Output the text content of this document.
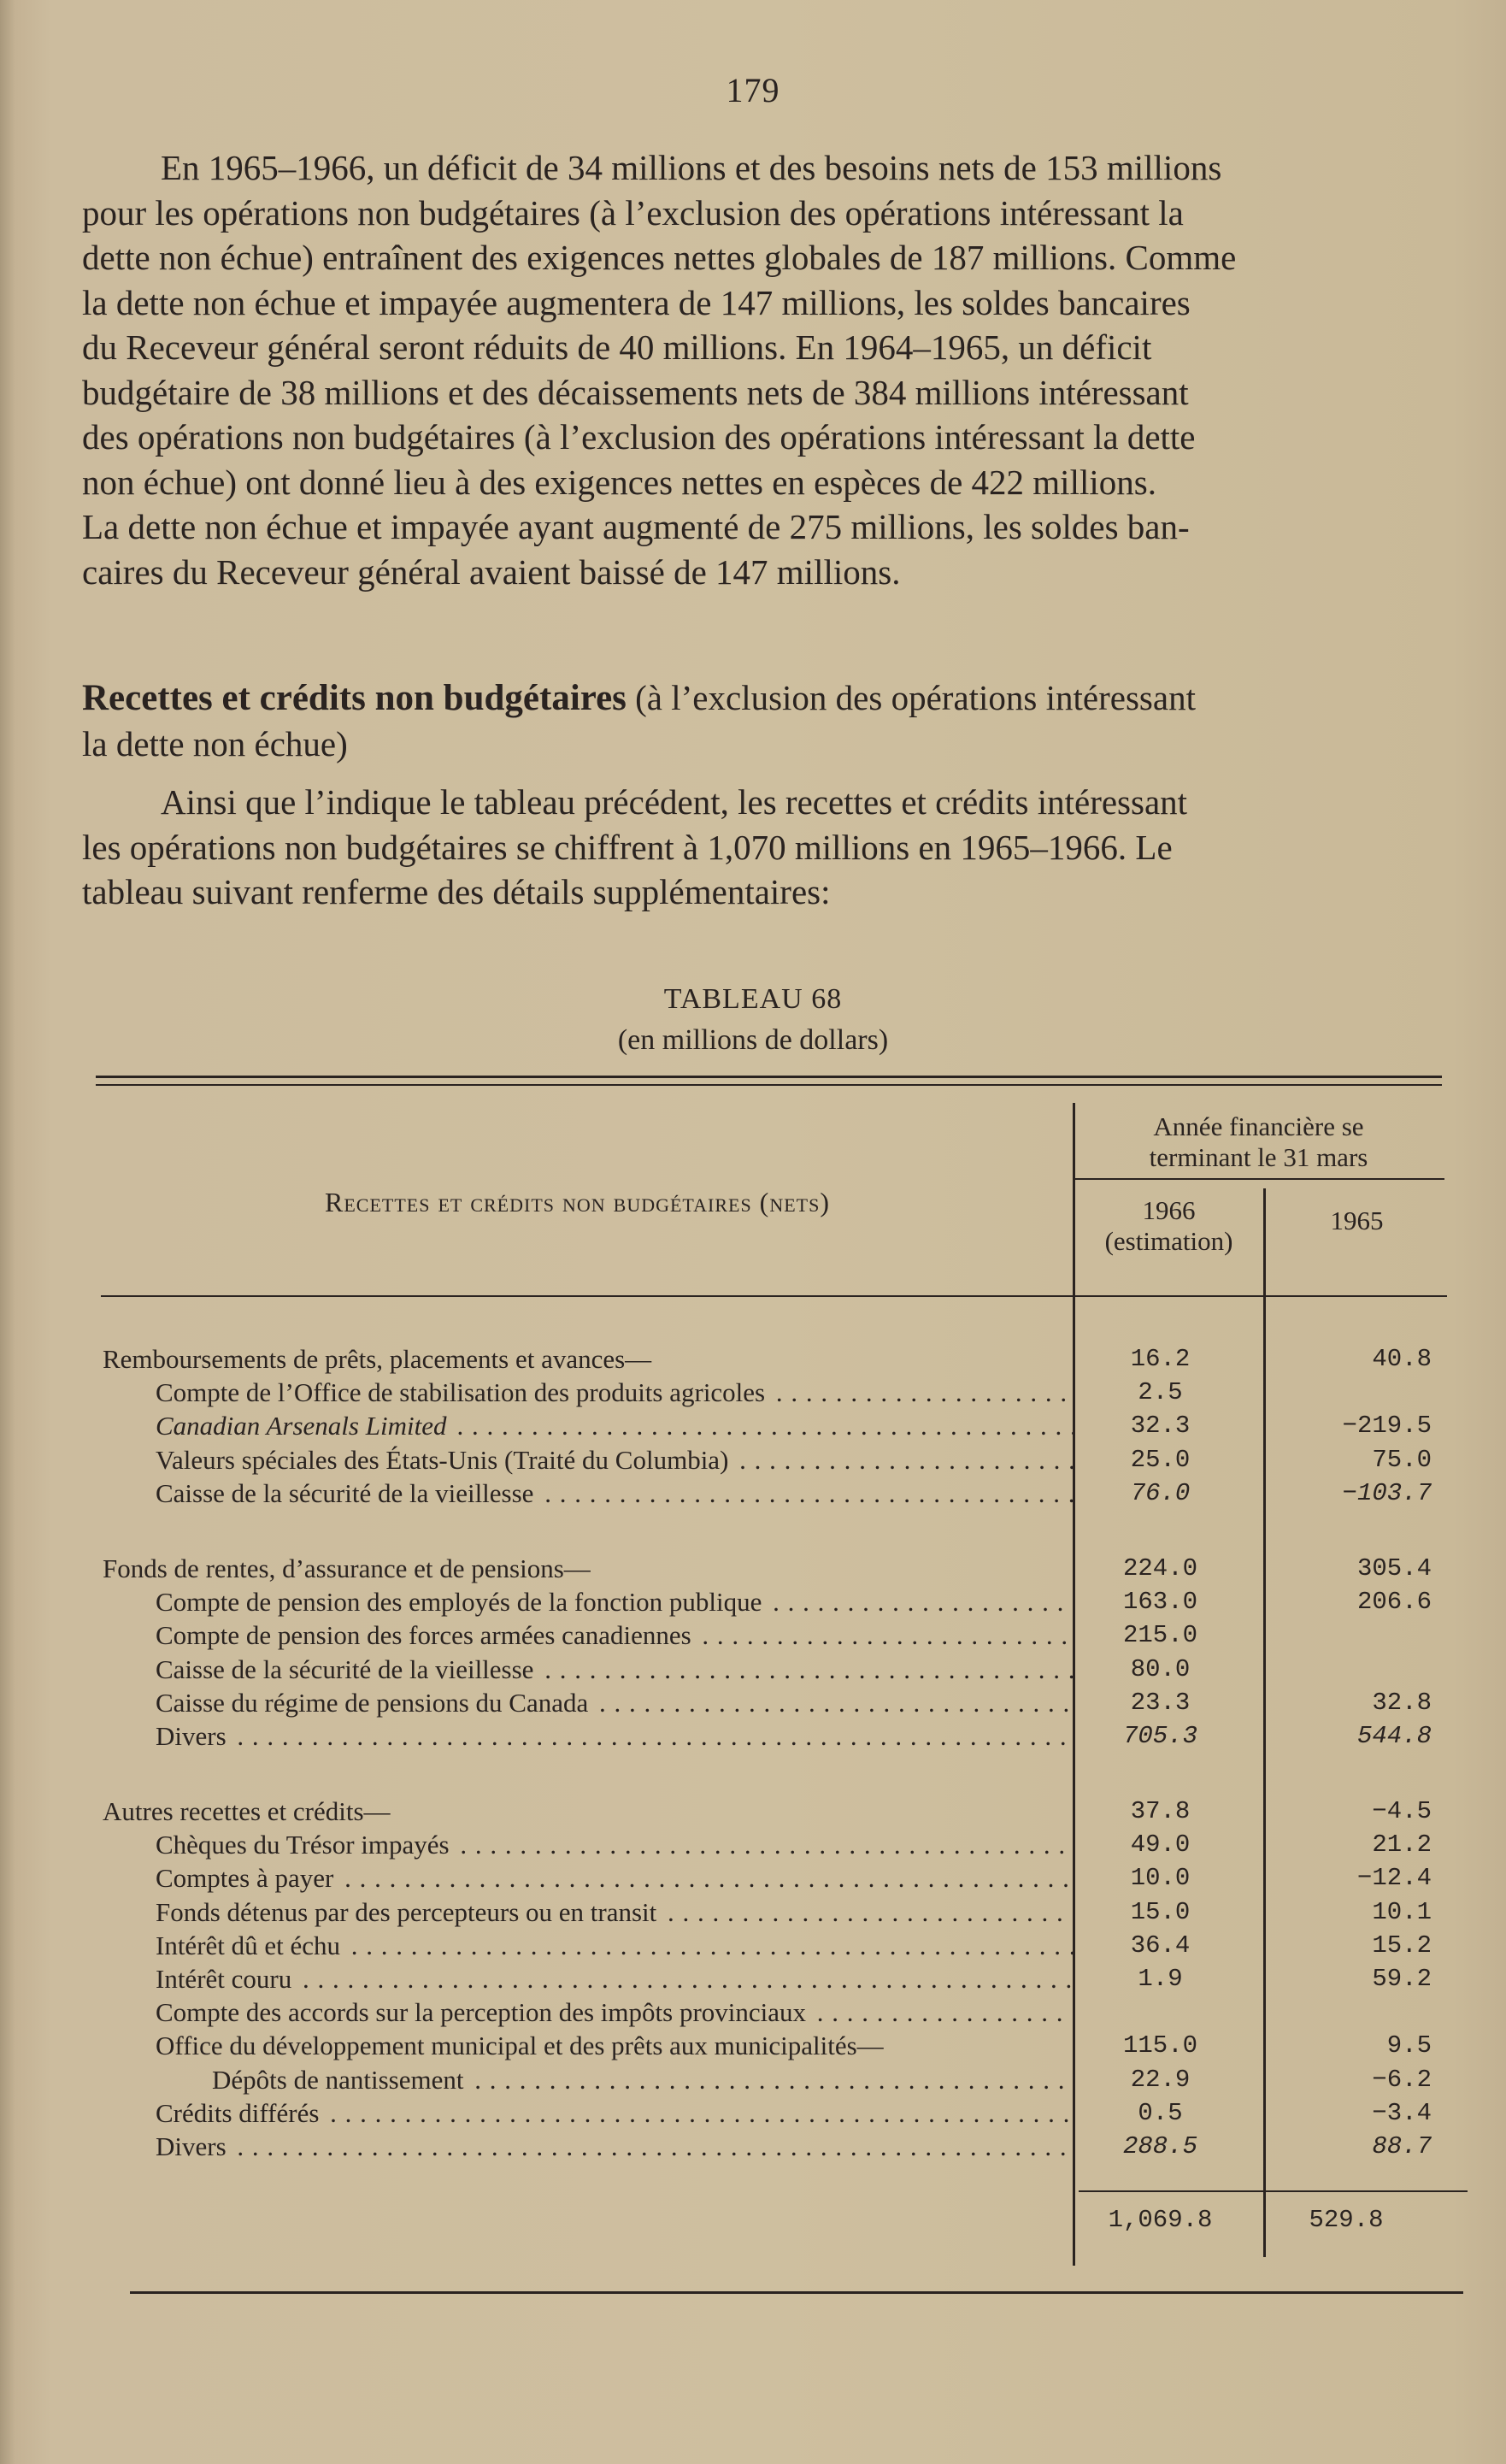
179
En 1965–1966, un déficit de 34 millions et des besoins nets de 153 millions
pour les opérations non budgétaires (à l’exclusion des opérations intéressant la
dette non échue) entraînent des exigences nettes globales de 187 millions. Comme
la dette non échue et impayée augmentera de 147 millions, les soldes bancaires
du Receveur général seront réduits de 40 millions. En 1964–1965, un déficit
budgétaire de 38 millions et des décaissements nets de 384 millions intéressant
des opérations non budgétaires (à l’exclusion des opérations intéressant la dette
non échue) ont donné lieu à des exigences nettes en espèces de 422 millions.
La dette non échue et impayée ayant augmenté de 275 millions, les soldes ban-
caires du Receveur général avaient baissé de 147 millions.
Recettes et crédits non budgétaires (à l’exclusion des opérations intéressant
la dette non échue)
Ainsi que l’indique le tableau précédent, les recettes et crédits intéressant
les opérations non budgétaires se chiffrent à 1,070 millions en 1965–1966. Le
tableau suivant renferme des détails supplémentaires:
TABLEAU 68
(en millions de dollars)
Recettes et crédits non budgétaires (nets)
Année financière se
terminant le 31 mars
1966
(estimation)
1965
Remboursements de prêts, placements et avances—	16.2	40.8
Compte de l’Office de stabilisation des produits agricoles . . .	2.5
Canadian Arsenals Limited . . .	32.3	−219.5
Valeurs spéciales des États-Unis (Traité du Columbia) . . .	25.0	75.0
Caisse de la sécurité de la vieillesse . . .	76.0	−103.7
Fonds de rentes, d’assurance et de pensions—	224.0	305.4
Compte de pension des employés de la fonction publique . . .	163.0	206.6
Compte de pension des forces armées canadiennes . . .	215.0
Caisse de la sécurité de la vieillesse . . .	80.0
Caisse du régime de pensions du Canada . . .	23.3	32.8
Divers . . .	705.3	544.8
Autres recettes et crédits—	37.8	−4.5
Chèques du Trésor impayés . . .	49.0	21.2
Comptes à payer . . .	10.0	−12.4
Fonds détenus par des percepteurs ou en transit . . .	15.0	10.1
Intérêt dû et échu . . .	36.4	15.2
Intérêt couru . . .	1.9	59.2
Compte des accords sur la perception des impôts provinciaux . . .
Office du développement municipal et des prêts aux municipalités—	115.0	9.5
Dépôts de nantissement . . .	22.9	−6.2
Crédits différés . . .	0.5	−3.4
Divers . . .	288.5	88.7
1,069.8	529.8
